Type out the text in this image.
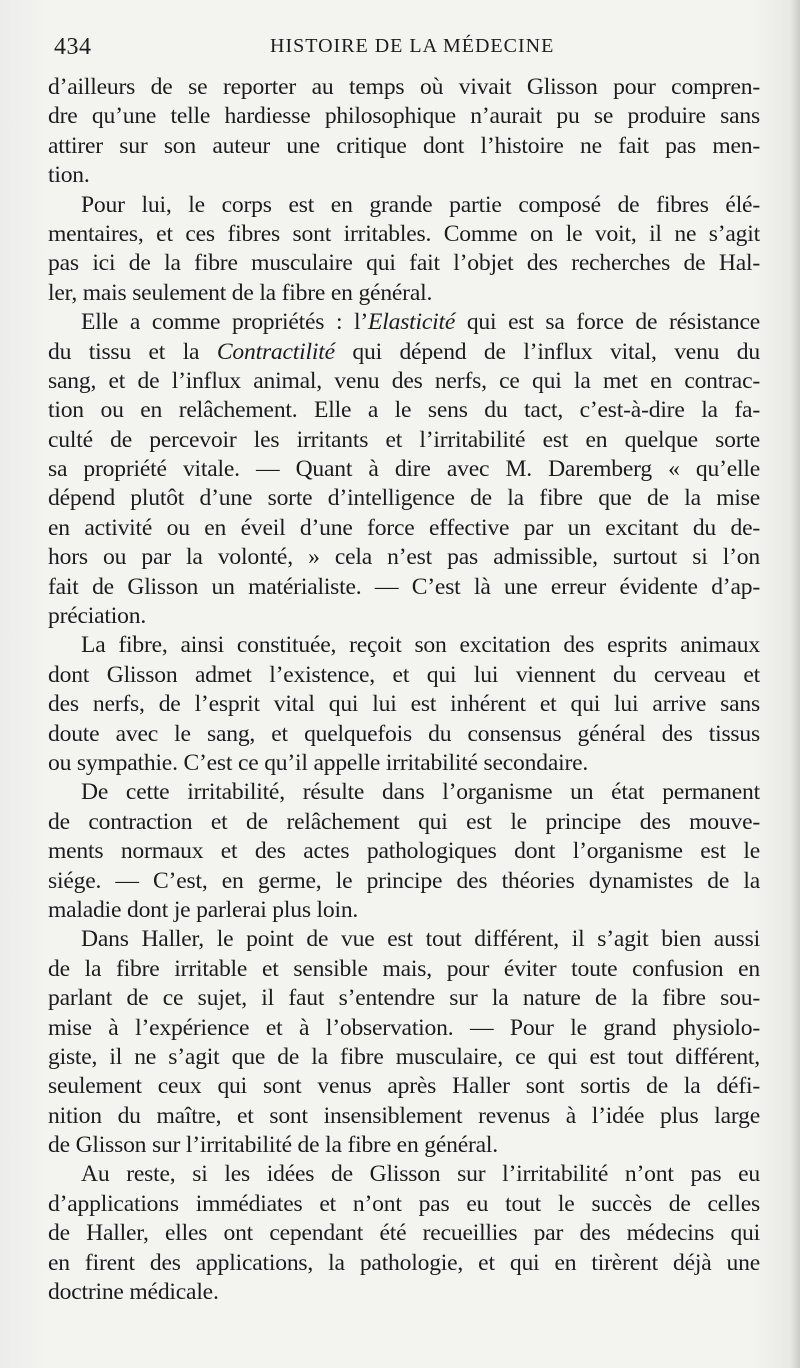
434	HISTOIRE DE LA MÉDECINE
d’ailleurs de se reporter au temps où vivait Glisson pour compren-
dre qu’une telle hardiesse philosophique n’aurait pu se produire sans
attirer sur son auteur une critique dont l’histoire ne fait pas men-
tion.
Pour lui, le corps est en grande partie composé de fibres élé-
mentaires, et ces fibres sont irritables. Comme on le voit, il ne s’agit
pas ici de la fibre musculaire qui fait l’objet des recherches de Hal-
ler, mais seulement de la fibre en général.
Elle a comme propriétés : l’Elasticité qui est sa force de résistance
du tissu et la Contractilité qui dépend de l’influx vital, venu du
sang, et de l’influx animal, venu des nerfs, ce qui la met en contrac-
tion ou en relâchement. Elle a le sens du tact, c’est-à-dire la fa-
culté de percevoir les irritants et l’irritabilité est en quelque sorte
sa propriété vitale. — Quant à dire avec M. Daremberg « qu’elle
dépend plutôt d’une sorte d’intelligence de la fibre que de la mise
en activité ou en éveil d’une force effective par un excitant du de-
hors ou par la volonté, » cela n’est pas admissible, surtout si l’on
fait de Glisson un matérialiste. — C’est là une erreur évidente d’ap-
préciation.
La fibre, ainsi constituée, reçoit son excitation des esprits animaux
dont Glisson admet l’existence, et qui lui viennent du cerveau et
des nerfs, de l’esprit vital qui lui est inhérent et qui lui arrive sans
doute avec le sang, et quelquefois du consensus général des tissus
ou sympathie. C’est ce qu’il appelle irritabilité secondaire.
De cette irritabilité, résulte dans l’organisme un état permanent
de contraction et de relâchement qui est le principe des mouve-
ments normaux et des actes pathologiques dont l’organisme est le
siége. — C’est, en germe, le principe des théories dynamistes de la
maladie dont je parlerai plus loin.
Dans Haller, le point de vue est tout différent, il s’agit bien aussi
de la fibre irritable et sensible mais, pour éviter toute confusion en
parlant de ce sujet, il faut s’entendre sur la nature de la fibre sou-
mise à l’expérience et à l’observation. — Pour le grand physiolo-
giste, il ne s’agit que de la fibre musculaire, ce qui est tout différent,
seulement ceux qui sont venus après Haller sont sortis de la défi-
nition du maître, et sont insensiblement revenus à l’idée plus large
de Glisson sur l’irritabilité de la fibre en général.
Au reste, si les idées de Glisson sur l’irritabilité n’ont pas eu
d’applications immédiates et n’ont pas eu tout le succès de celles
de Haller, elles ont cependant été recueillies par des médecins qui
en firent des applications, la pathologie, et qui en tirèrent déjà une
doctrine médicale.
